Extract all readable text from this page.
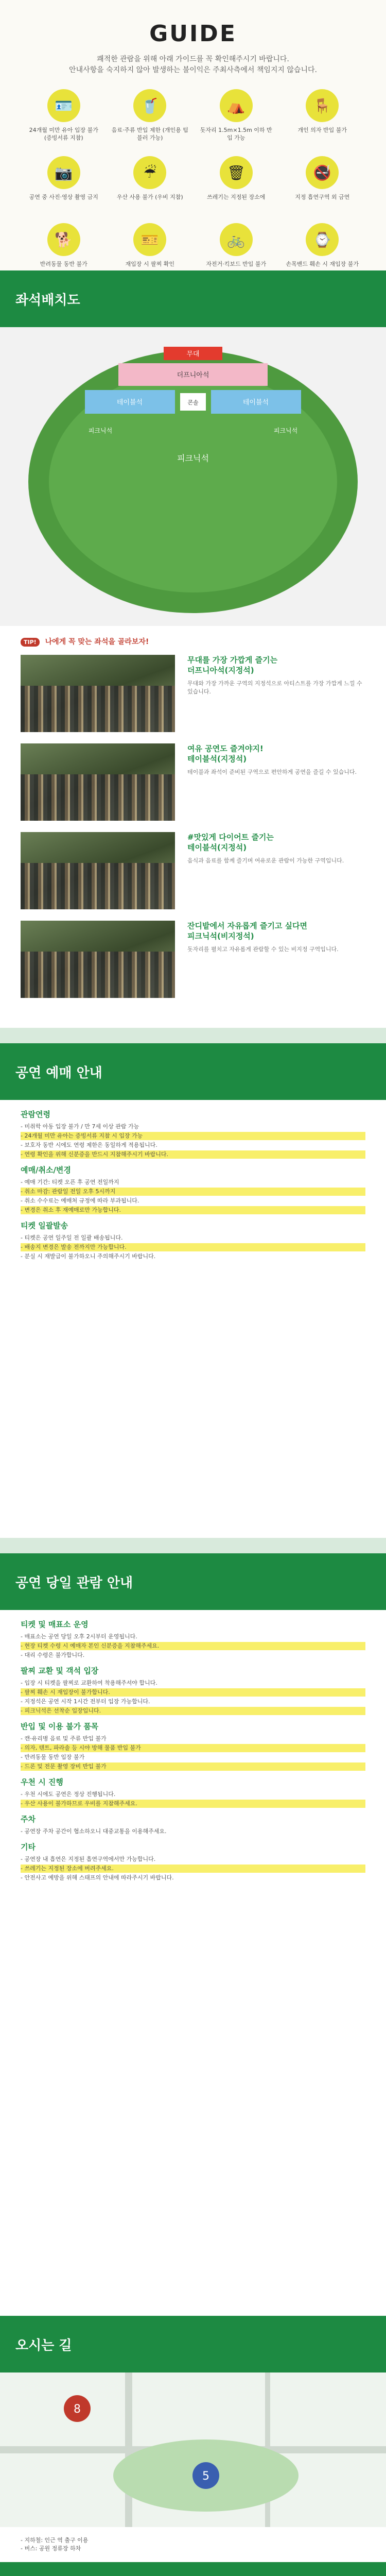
GUIDE

쾌적한 관람을 위해 아래 가이드를 꼭 확인해주시기 바랍니다.

안내사항을 숙지하지 않아 발생하는 불이익은 주최사측에서 책임지지 않습니다.

🪪
24개월 미만 유아 입장 불가 (증빙서류 지참)
🥤
음료·주류 반입 제한 (개인용 텀블러 가능)
⛺
돗자리 1.5m×1.5m 이하 반입 가능
🪑
개인 의자 반입 불가
📷
공연 중 사진·영상 촬영 금지
☔
우산 사용 불가 (우비 지참)
🗑
쓰레기는 지정된 장소에
🚭
지정 흡연구역 외 금연
🐕
반려동물 동반 불가
🎫
재입장 시 팔찌 확인
🚲
자전거·킥보드 반입 불가
⌚
손목밴드 훼손 시 재입장 불가
좌석배치도
무대
더프니아석
테이블석	테이블석
콘솔
피크닉석
피크닉석	피크닉석
TIP! 나에게 꼭 맞는 좌석을 골라보자!
무대를 가장 가깝게 즐기는
더프니아석(지정석)

무대와 가장 가까운 구역의 지정석으로 아티스트를 가장 가깝게 느낄 수 있습니다.

여유 공연도 즐겨야지!
테이블석(지정석)

테이블과 좌석이 준비된 구역으로 편안하게 공연을 즐길 수 있습니다.

#맛있게 다이어트 즐기는
테이블석(지정석)

음식과 음료를 함께 즐기며 여유로운 관람이 가능한 구역입니다.

잔디밭에서 자유롭게 즐기고 싶다면
피크닉석(비지정석)

돗자리를 펼치고 자유롭게 관람할 수 있는 비지정 구역입니다.

공연 예매 안내
관람연령

- 미취학 아동 입장 불가 / 만 7세 이상 관람 가능

- 24개월 미만 유아는 증빙서류 지참 시 입장 가능

- 보호자 동반 시에도 연령 제한은 동일하게 적용됩니다.

- 연령 확인을 위해 신분증을 반드시 지참해주시기 바랍니다.

예매/취소/변경

- 예매 기간: 티켓 오픈 후 공연 전일까지

- 취소 마감: 관람일 전일 오후 5시까지

- 취소 수수료는 예매처 규정에 따라 부과됩니다.

- 변경은 취소 후 재예매로만 가능합니다.

티켓 일괄발송

- 티켓은 공연 일주일 전 일괄 배송됩니다.

- 배송지 변경은 발송 전까지만 가능합니다.

- 분실 시 재발급이 불가하오니 주의해주시기 바랍니다.

공연 당일 관람 안내
티켓 및 매표소 운영

- 매표소는 공연 당일 오후 2시부터 운영됩니다.

- 현장 티켓 수령 시 예매자 본인 신분증을 지참해주세요.

- 대리 수령은 불가합니다.

팔찌 교환 및 객석 입장

- 입장 시 티켓을 팔찌로 교환하여 착용해주셔야 합니다.

- 팔찌 훼손 시 재입장이 불가합니다.

- 지정석은 공연 시작 1시간 전부터 입장 가능합니다.

- 피크닉석은 선착순 입장입니다.

반입 및 이용 불가 품목

- 캔·유리병 음료 및 주류 반입 불가

- 의자, 텐트, 파라솔 등 시야 방해 물품 반입 불가

- 반려동물 동반 입장 불가

- 드론 및 전문 촬영 장비 반입 불가

우천 시 진행

- 우천 시에도 공연은 정상 진행됩니다.

- 우산 사용이 불가하므로 우비를 지참해주세요.

주차

- 공연장 주차 공간이 협소하오니 대중교통을 이용해주세요.

기타

- 공연장 내 흡연은 지정된 흡연구역에서만 가능합니다.

- 쓰레기는 지정된 장소에 버려주세요.

- 안전사고 예방을 위해 스태프의 안내에 따라주시기 바랍니다.

오시는 길
8
5

- 지하철: 인근 역 출구 이용

- 버스: 공원 정류장 하차
